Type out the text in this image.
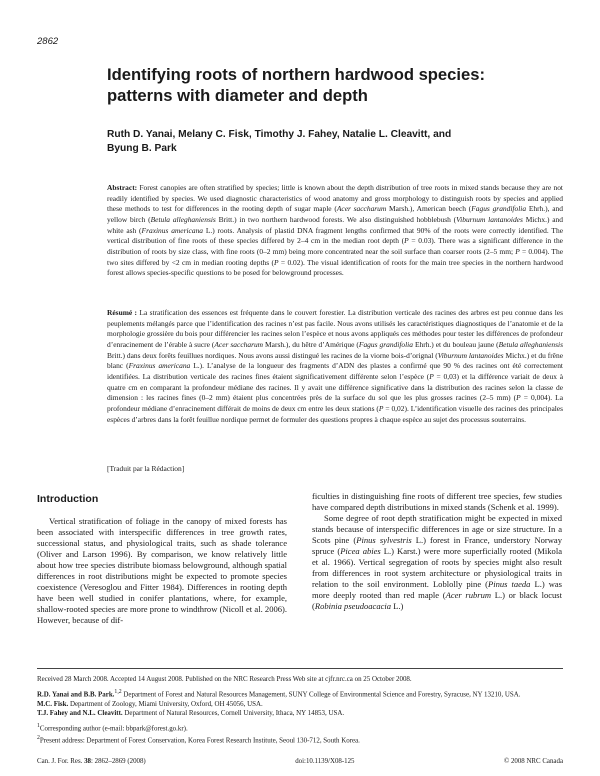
2862
Identifying roots of northern hardwood species:
patterns with diameter and depth
Ruth D. Yanai, Melany C. Fisk, Timothy J. Fahey, Natalie L. Cleavitt, and
Byung B. Park
Abstract: Forest canopies are often stratified by species; little is known about the depth distribution of tree roots in mixed stands because they are not readily identified by species. We used diagnostic characteristics of wood anatomy and gross morphology to distinguish roots by species and applied these methods to test for differences in the rooting depth of sugar maple (Acer saccharum Marsh.), American beech (Fagus grandifolia Ehrh.), and yellow birch (Betula alleghaniensis Britt.) in two northern hardwood forests. We also distinguished hobblebush (Viburnum lantanoides Michx.) and white ash (Fraxinus americana L.) roots. Analysis of plastid DNA fragment lengths confirmed that 90% of the roots were correctly identified. The vertical distribution of fine roots of these species differed by 2–4 cm in the median root depth (P = 0.03). There was a significant difference in the distribution of roots by size class, with fine roots (0–2 mm) being more concentrated near the soil surface than coarser roots (2–5 mm; P = 0.004). The two sites differed by <2 cm in median rooting depths (P = 0.02). The visual identification of roots for the main tree species in the northern hardwood forest allows species-specific questions to be posed for belowground processes.
Résumé : La stratification des essences est fréquente dans le couvert forestier. La distribution verticale des racines des arbres est peu connue dans les peuplements mélangés parce que l’identification des racines n’est pas facile. Nous avons utilisés les caractéristiques diagnostiques de l’anatomie et de la morphologie grossière du bois pour différencier les racines selon l’espèce et nous avons appliqués ces méthodes pour tester les différences de profondeur d’enracinement de l’érable à sucre (Acer saccharum Marsh.), du hêtre d’Amérique (Fagus grandifolia Ehrh.) et du bouleau jaune (Betula alleghaniensis Britt.) dans deux forêts feuillues nordiques. Nous avons aussi distingué les racines de la viorne bois-d’orignal (Viburnum lantanoides Michx.) et du frêne blanc (Fraxinus americana L.). L’analyse de la longueur des fragments d’ADN des plastes a confirmé que 90 % des racines ont été correctement identifiées. La distribution verticale des racines fines étaient significativement différente selon l’espèce (P = 0,03) et la différence variait de deux à quatre cm en comparant la profondeur médiane des racines. Il y avait une différence significative dans la distribution des racines selon la classe de dimension : les racines fines (0–2 mm) étaient plus concentrées près de la surface du sol que les plus grosses racines (2–5 mm) (P = 0,004). La profondeur médiane d’enracinement différait de moins de deux cm entre les deux stations (P = 0,02). L’identification visuelle des racines des principales espèces d’arbres dans la forêt feuillue nordique permet de formuler des questions propres à chaque espèce au sujet des processus souterrains.
[Traduit par la Rédaction]
Introduction

Vertical stratification of foliage in the canopy of mixed forests has been associated with interspecific differences in tree growth rates, successional status, and physiological traits, such as shade tolerance (Oliver and Larson 1996). By comparison, we know relatively little about how tree species distribute biomass belowground, although spatial differences in root distributions might be expected to promote species coexistence (Veresoglou and Fitter 1984). Differences in rooting depth have been well studied in conifer plantations, where, for example, shallow-rooted species are more prone to windthrow (Nicoll et al. 2006). However, because of dif-

ficulties in distinguishing fine roots of different tree species, few studies have compared depth distributions in mixed stands (Schenk et al. 1999).

Some degree of root depth stratification might be expected in mixed stands because of interspecific differences in age or size structure. In a Scots pine (Pinus sylvestris L.) forest in France, understory Norway spruce (Picea abies L.) Karst.) were more superficially rooted (Mikola et al. 1966). Vertical segregation of roots by species might also result from differences in root system architecture or physiological traits in relation to the soil environment. Loblolly pine (Pinus taeda L.) was more deeply rooted than red maple (Acer rubrum L.) or black locust (Robinia pseudoacacia L.)

Received 28 March 2008. Accepted 14 August 2008. Published on the NRC Research Press Web site at cjfr.nrc.ca on 25 October 2008.

R.D. Yanai and B.B. Park.$^{1,2}$ Department of Forest and Natural Resources Management, SUNY College of Environmental Science and Forestry, Syracuse, NY 13210, USA.

M.C. Fisk. Department of Zoology, Miami University, Oxford, OH 45056, USA.

T.J. Fahey and N.L. Cleavitt. Department of Natural Resources, Cornell University, Ithaca, NY 14853, USA.

$^1$Corresponding author (e-mail: bbpark@forest.go.kr).

$^2$Present address: Department of Forest Conservation, Korea Forest Research Institute, Seoul 130-712, South Korea.

Can. J. For. Res. 38: 2862–2869 (2008)	doi:10.1139/X08-125	© 2008 NRC Canada
